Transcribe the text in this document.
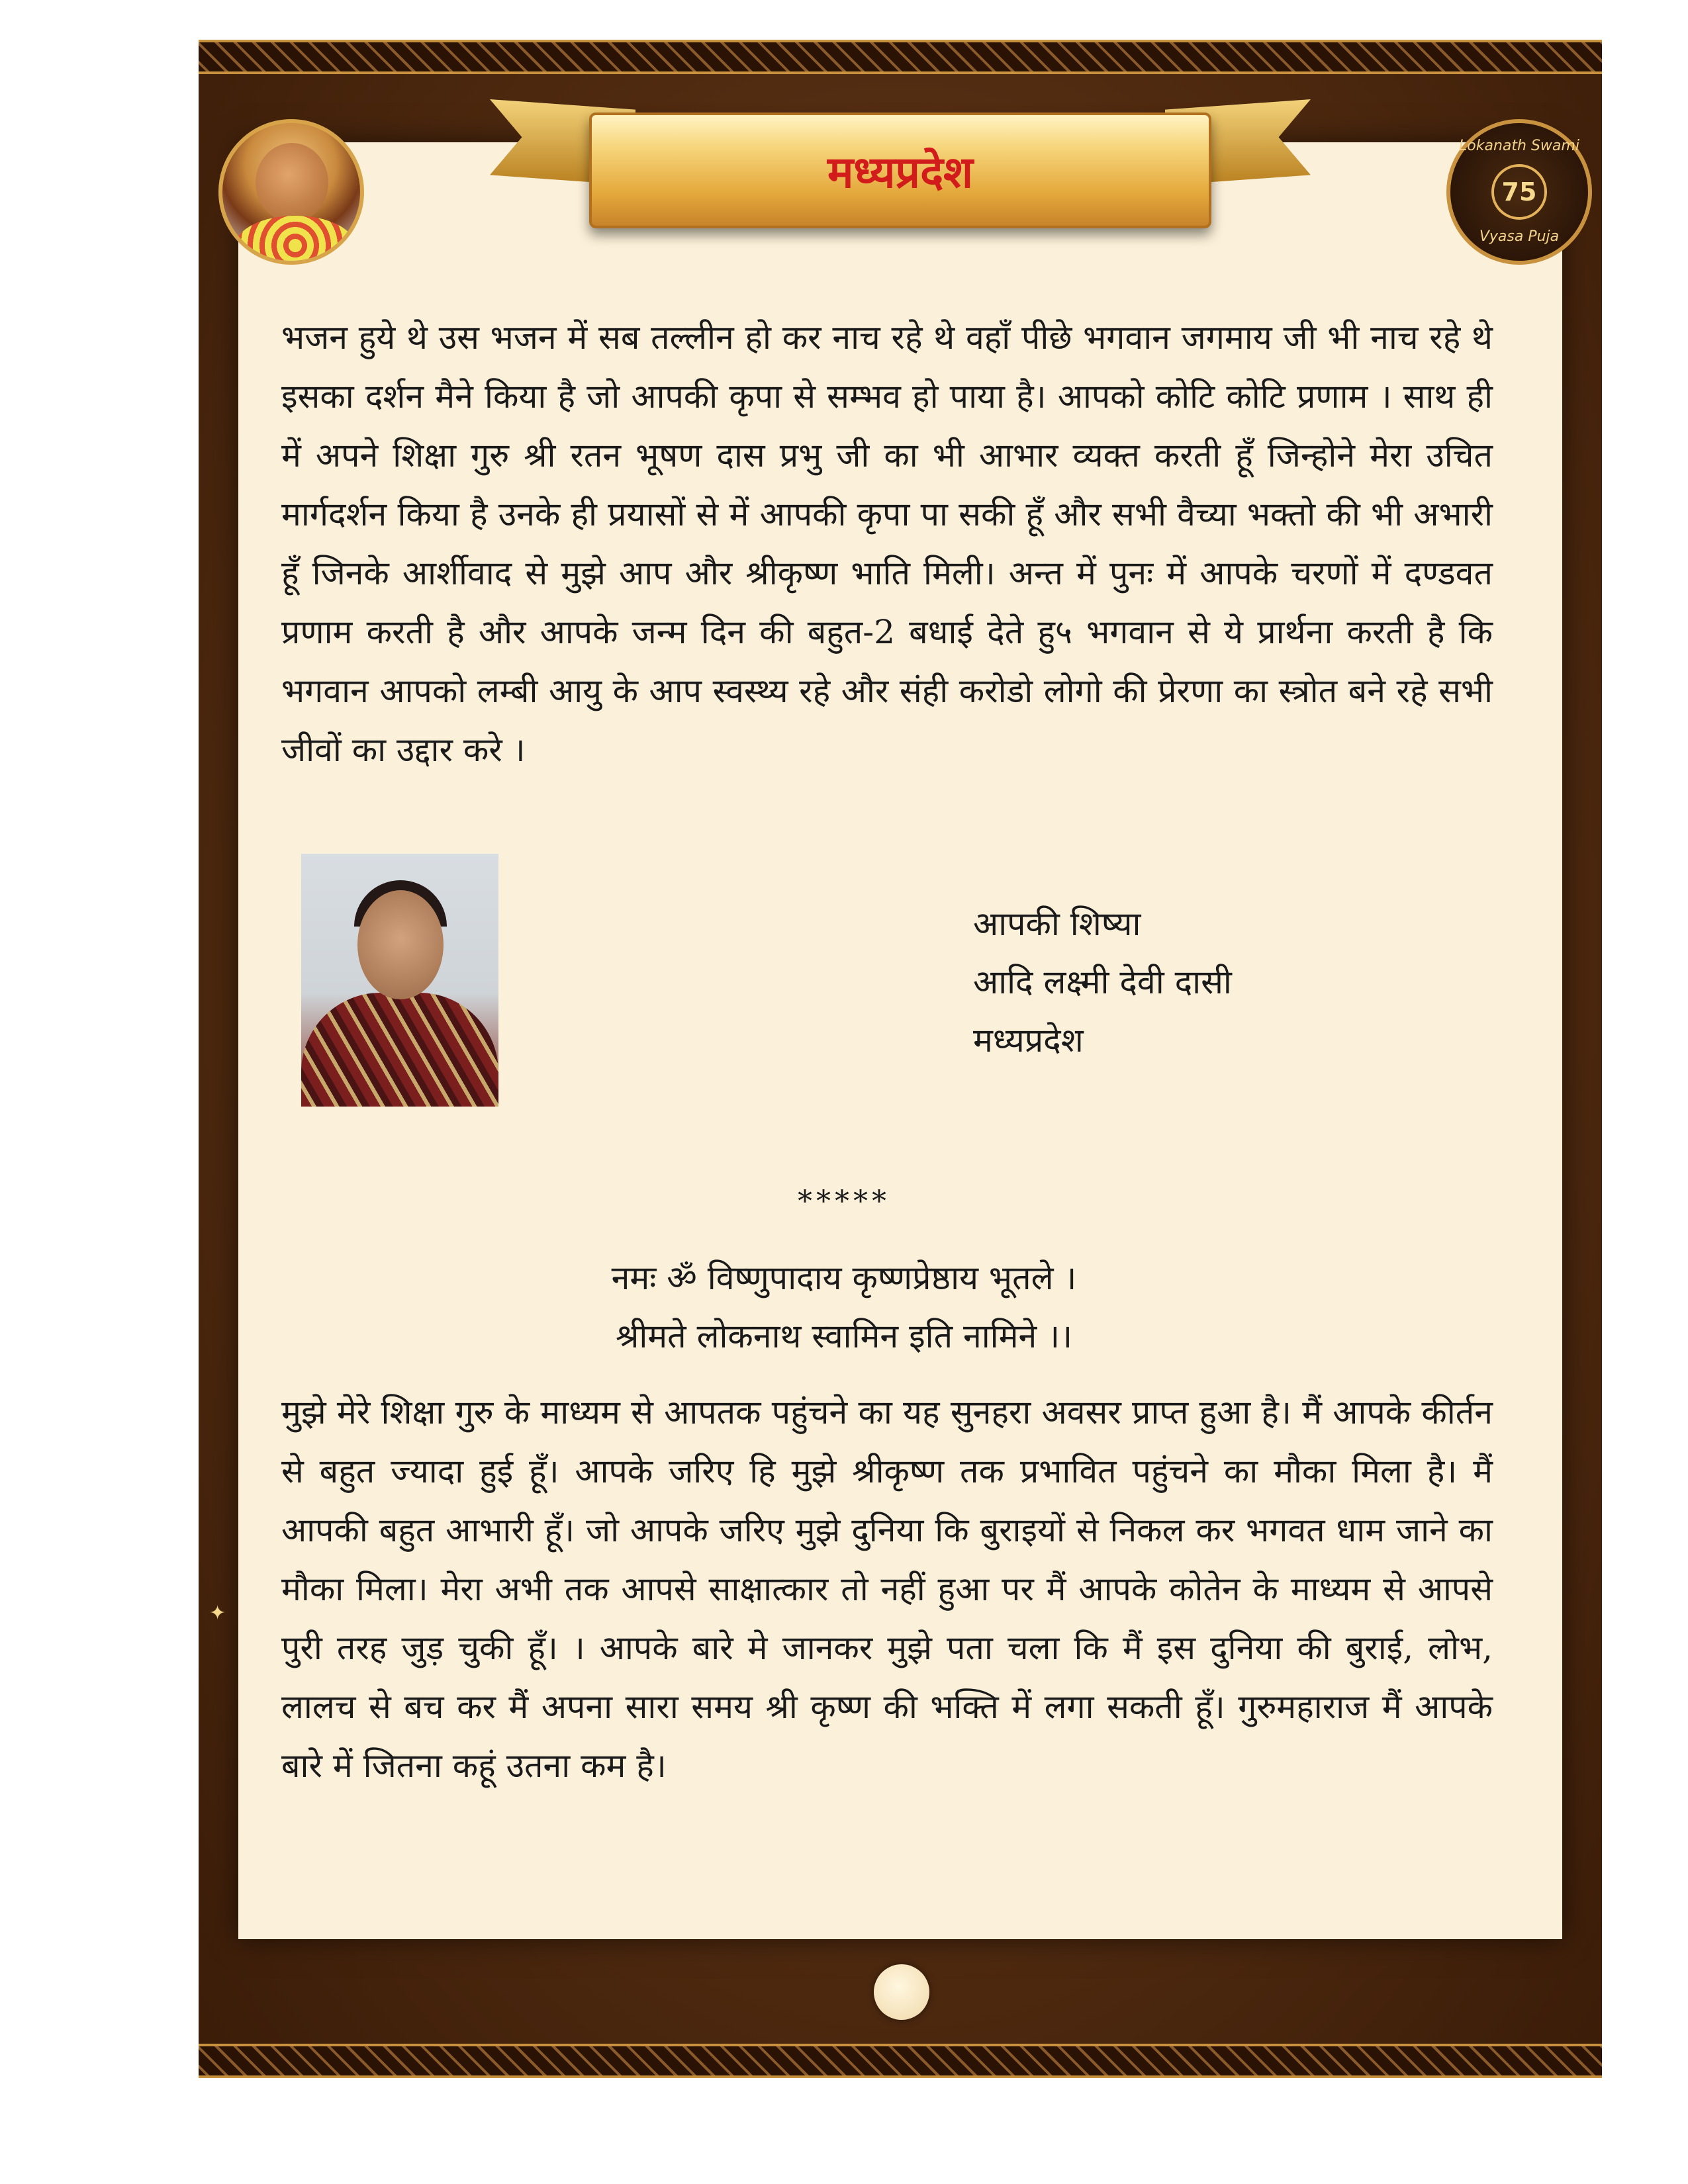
मध्यप्रदेश
Lokanath Swami
75
Vyasa Puja
भजन हुये थे उस भजन में सब तल्लीन हो कर नाच रहे थे वहाँ पीछे भगवान जगमाय जी भी नाच रहे थे इसका दर्शन मैने किया है जो आपकी कृपा से सम्भव हो पाया है। आपको कोटि कोटि प्रणाम । साथ ही में अपने शिक्षा गुरु श्री रतन भूषण दास प्रभु जी का भी आभार व्यक्त करती हूँ जिन्होने मेरा उचित मार्गदर्शन किया है उनके ही प्रयासों से में आपकी कृपा पा सकी हूँ और सभी वैच्या भक्तो की भी अभारी हूँ जिनके आर्शीवाद से मुझे आप और श्रीकृष्ण भाति मिली। अन्त में पुनः में आपके चरणों में दण्डवत प्रणाम करती है और आपके जन्म दिन की बहुत-2 बधाई देते हु५ भगवान से ये प्रार्थना करती है कि भगवान आपको लम्बी आयु के आप स्वस्थ्य रहे और संही करोडो लोगो की प्रेरणा का स्त्रोत बने रहे सभी जीवों का उद्दार करे ।
आपकी शिष्या
आदि लक्ष्मी देवी दासी
मध्यप्रदेश
*****
नमः ॐ विष्णुपादाय कृष्णप्रेष्ठाय भूतले ।
श्रीमते लोकनाथ स्वामिन इति नामिने ।।
मुझे मेरे शिक्षा गुरु के माध्यम से आपतक पहुंचने का यह सुनहरा अवसर प्राप्त हुआ है। मैं आपके कीर्तन से बहुत ज्यादा हुई हूँ। आपके जरिए हि मुझे श्रीकृष्ण तक प्रभावित पहुंचने का मौका मिला है। मैं आपकी बहुत आभारी हूँ। जो आपके जरिए मुझे दुनिया कि बुराइयों से निकल कर भगवत धाम जाने का मौका मिला। मेरा अभी तक आपसे साक्षात्कार तो नहीं हुआ पर मैं आपके कोतेन के माध्यम से आपसे पुरी तरह जुड़ चुकी हूँ। । आपके बारे मे जानकर मुझे पता चला कि मैं इस दुनिया की बुराई, लोभ, लालच से बच कर मैं अपना सारा समय श्री कृष्ण की भक्ति में लगा सकती हूँ। गुरुमहाराज मैं आपके बारे में जितना कहूं उतना कम है।
✦
